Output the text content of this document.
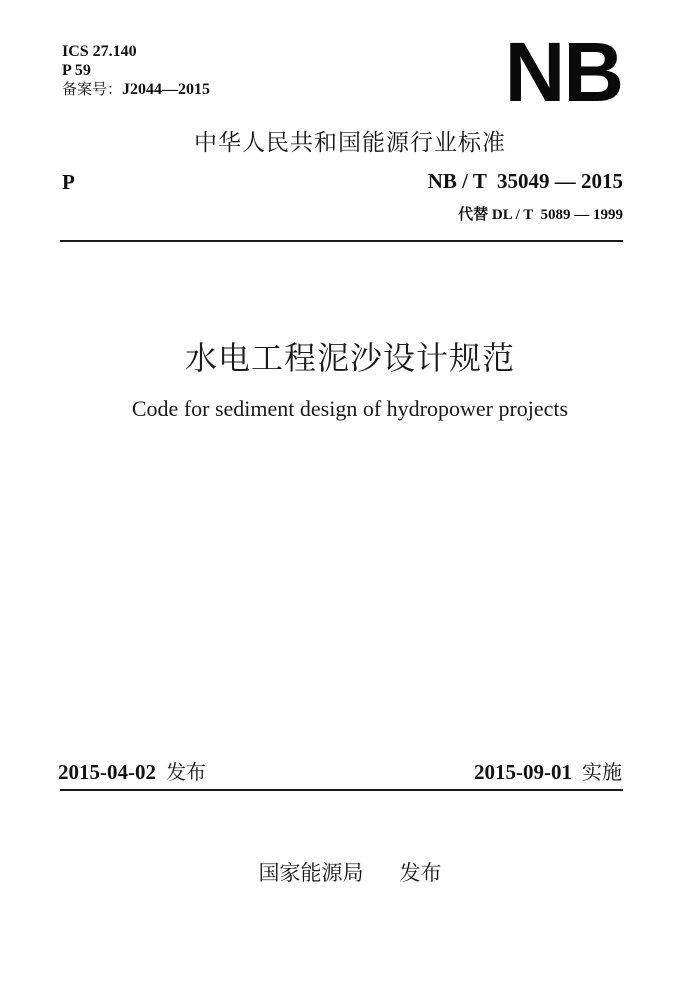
ICS 27.140
P 59
备案号：J2044—2015	NB
中华人民共和国能源行业标准
P	NB / T  35049 — 2015
代替 DL / T  5089 — 1999
水电工程泥沙设计规范
Code for sediment design of hydropower projects
2015-04-02 发布	2015-09-01 实施
国家能源局 发布
